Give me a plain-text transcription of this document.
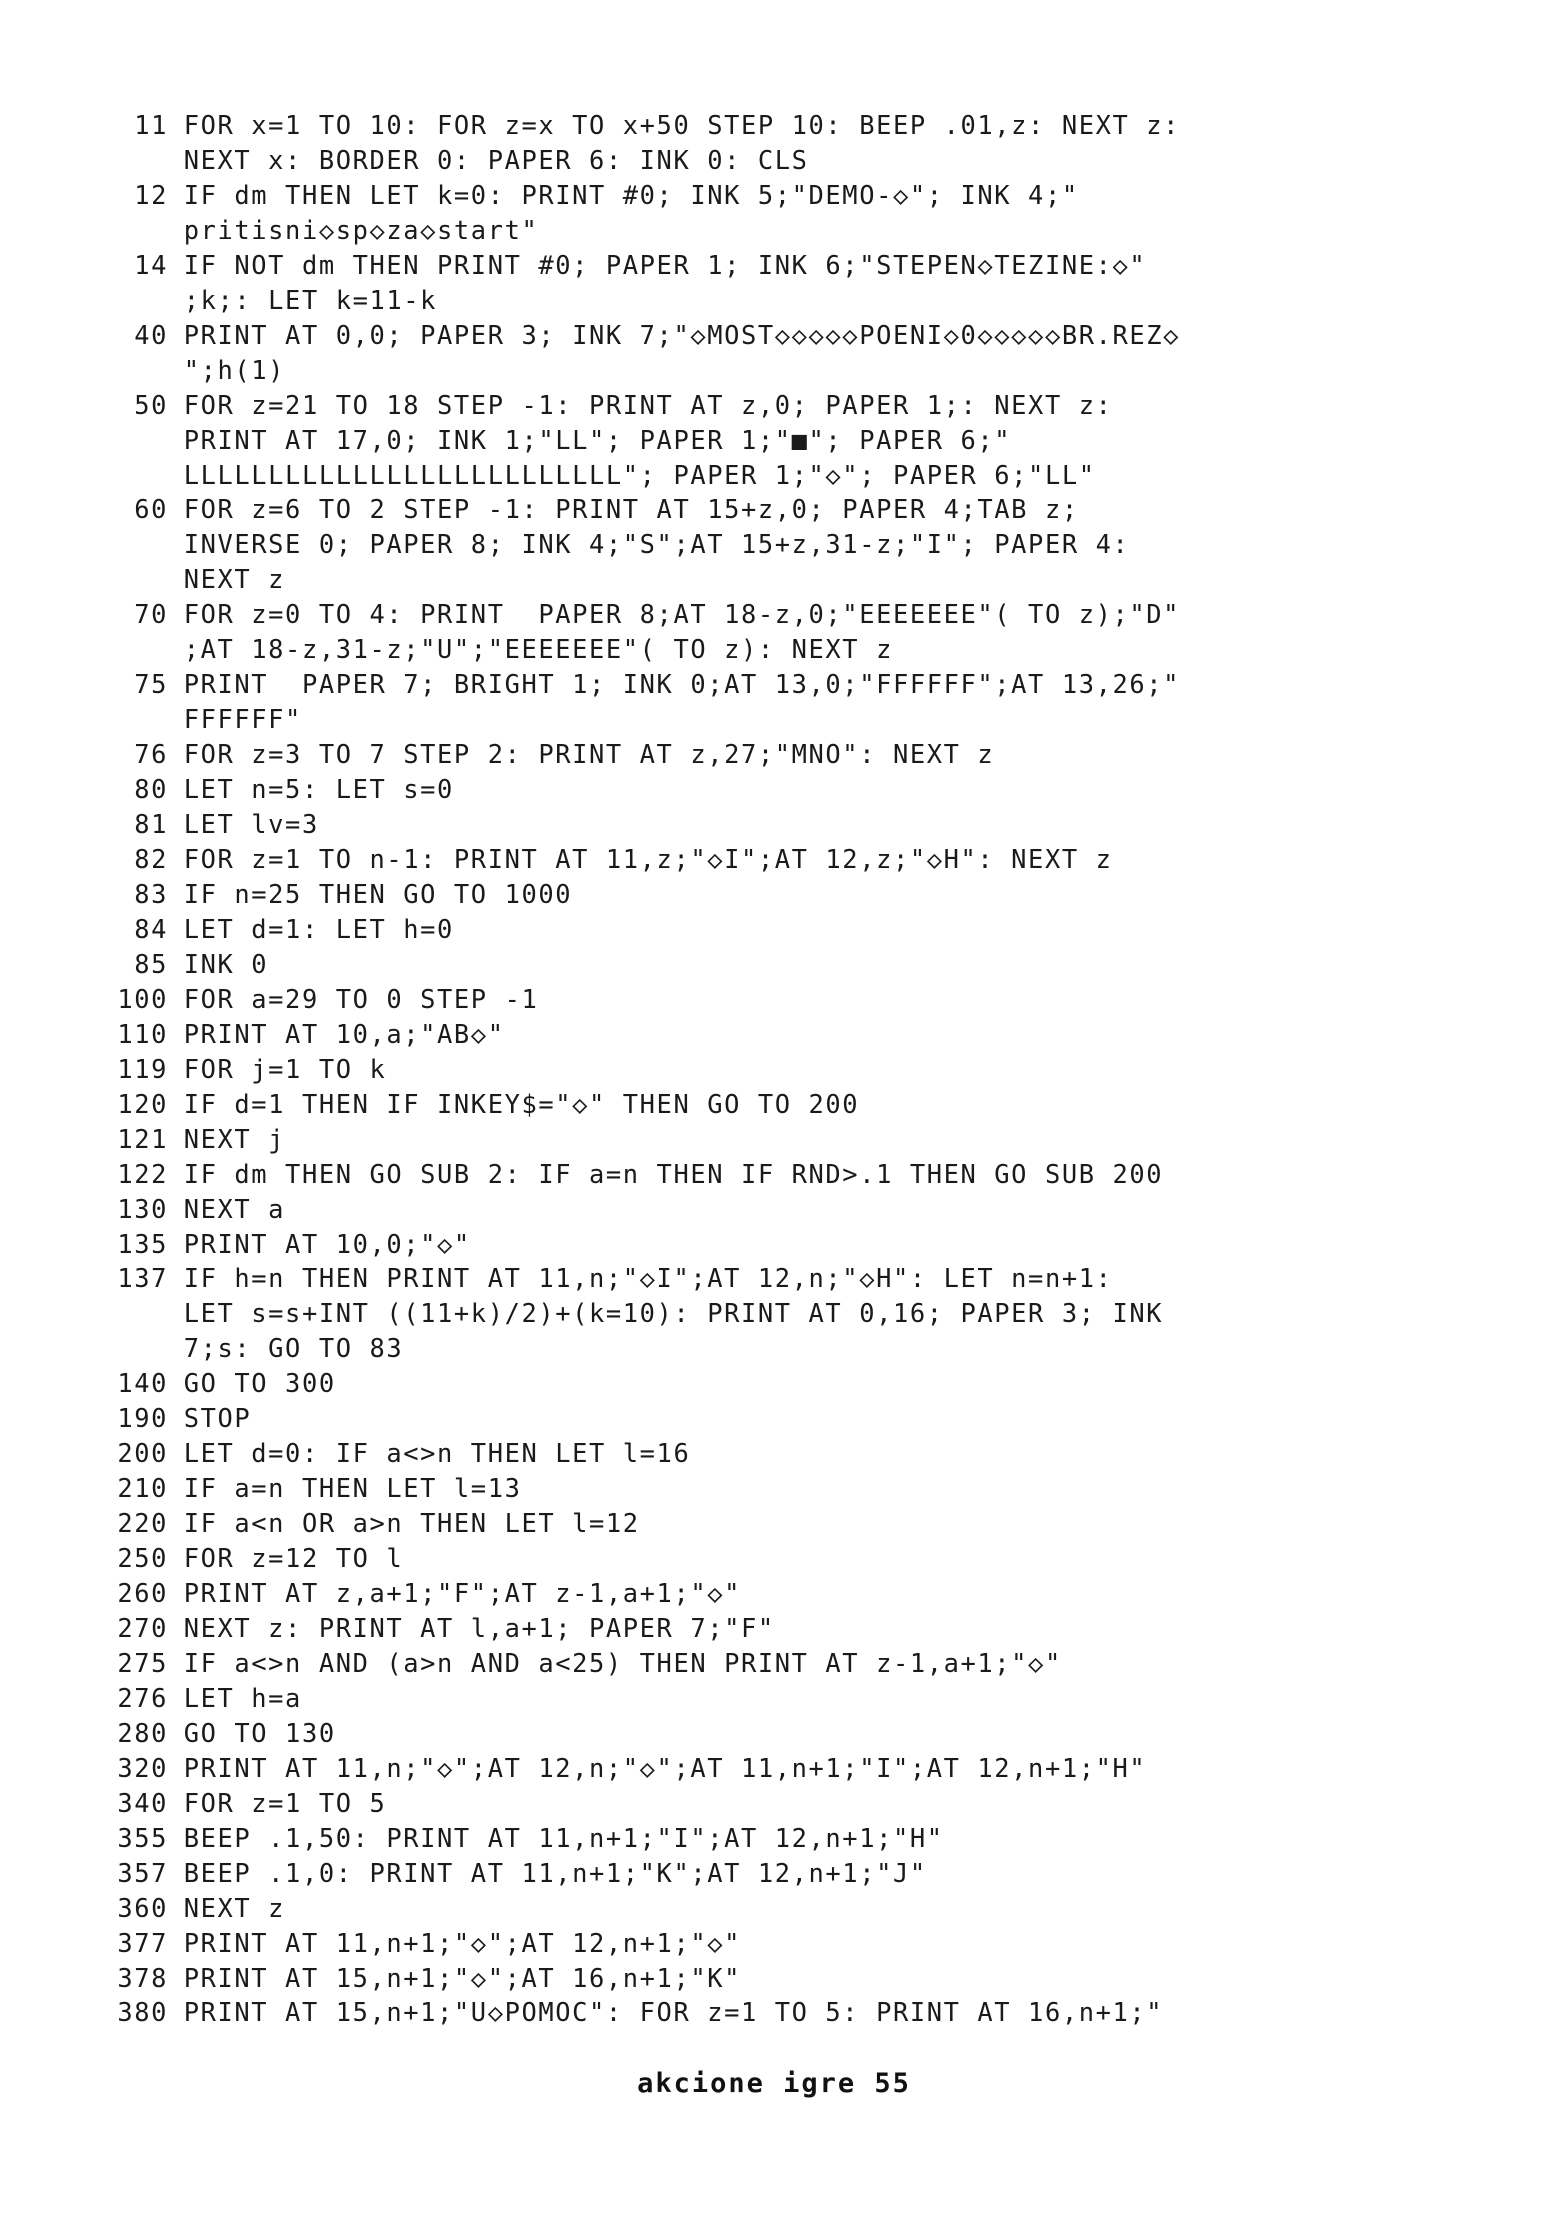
11 FOR x=1 TO 10: FOR z=x TO x+50 STEP 10: BEEP .01,z: NEXT z:
NEXT x: BORDER 0: PAPER 6: INK 0: CLS
12 IF dm THEN LET k=0: PRINT #0; INK 5;"DEMO-◇"; INK 4;"
pritisni◇sp◇za◇start"
14 IF NOT dm THEN PRINT #0; PAPER 1; INK 6;"STEPEN◇TEZINE:◇"
;k;: LET k=11-k
40 PRINT AT 0,0; PAPER 3; INK 7;"◇MOST◇◇◇◇◇POENI◇0◇◇◇◇◇BR.REZ◇
";h(1)
50 FOR z=21 TO 18 STEP -1: PRINT AT z,0; PAPER 1;: NEXT z:
PRINT AT 17,0; INK 1;"LL"; PAPER 1;"■"; PAPER 6;"
LLLLLLLLLLLLLLLLLLLLLLLLLL"; PAPER 1;"◇"; PAPER 6;"LL"
60 FOR z=6 TO 2 STEP -1: PRINT AT 15+z,0; PAPER 4;TAB z;
INVERSE 0; PAPER 8; INK 4;"S";AT 15+z,31-z;"I"; PAPER 4:
NEXT z
70 FOR z=0 TO 4: PRINT  PAPER 8;AT 18-z,0;"EEEEEEE"( TO z);"D"
;AT 18-z,31-z;"U";"EEEEEEE"( TO z): NEXT z
75 PRINT  PAPER 7; BRIGHT 1; INK 0;AT 13,0;"FFFFFF";AT 13,26;"
FFFFFF"
76 FOR z=3 TO 7 STEP 2: PRINT AT z,27;"MNO": NEXT z
80 LET n=5: LET s=0
81 LET lv=3
82 FOR z=1 TO n-1: PRINT AT 11,z;"◇I";AT 12,z;"◇H": NEXT z
83 IF n=25 THEN GO TO 1000
84 LET d=1: LET h=0
85 INK 0
100 FOR a=29 TO 0 STEP -1
110 PRINT AT 10,a;"AB◇"
119 FOR j=1 TO k
120 IF d=1 THEN IF INKEY$="◇" THEN GO TO 200
121 NEXT j
122 IF dm THEN GO SUB 2: IF a=n THEN IF RND>.1 THEN GO SUB 200
130 NEXT a
135 PRINT AT 10,0;"◇"
137 IF h=n THEN PRINT AT 11,n;"◇I";AT 12,n;"◇H": LET n=n+1:
LET s=s+INT ((11+k)/2)+(k=10): PRINT AT 0,16; PAPER 3; INK
7;s: GO TO 83
140 GO TO 300
190 STOP
200 LET d=0: IF a<>n THEN LET l=16
210 IF a=n THEN LET l=13
220 IF a<n OR a>n THEN LET l=12
250 FOR z=12 TO l
260 PRINT AT z,a+1;"F";AT z-1,a+1;"◇"
270 NEXT z: PRINT AT l,a+1; PAPER 7;"F"
275 IF a<>n AND (a>n AND a<25) THEN PRINT AT z-1,a+1;"◇"
276 LET h=a
280 GO TO 130
320 PRINT AT 11,n;"◇";AT 12,n;"◇";AT 11,n+1;"I";AT 12,n+1;"H"
340 FOR z=1 TO 5
355 BEEP .1,50: PRINT AT 11,n+1;"I";AT 12,n+1;"H"
357 BEEP .1,0: PRINT AT 11,n+1;"K";AT 12,n+1;"J"
360 NEXT z
377 PRINT AT 11,n+1;"◇";AT 12,n+1;"◇"
378 PRINT AT 15,n+1;"◇";AT 16,n+1;"K"
380 PRINT AT 15,n+1;"U◇POMOC": FOR z=1 TO 5: PRINT AT 16,n+1;"
akcione igre 55
